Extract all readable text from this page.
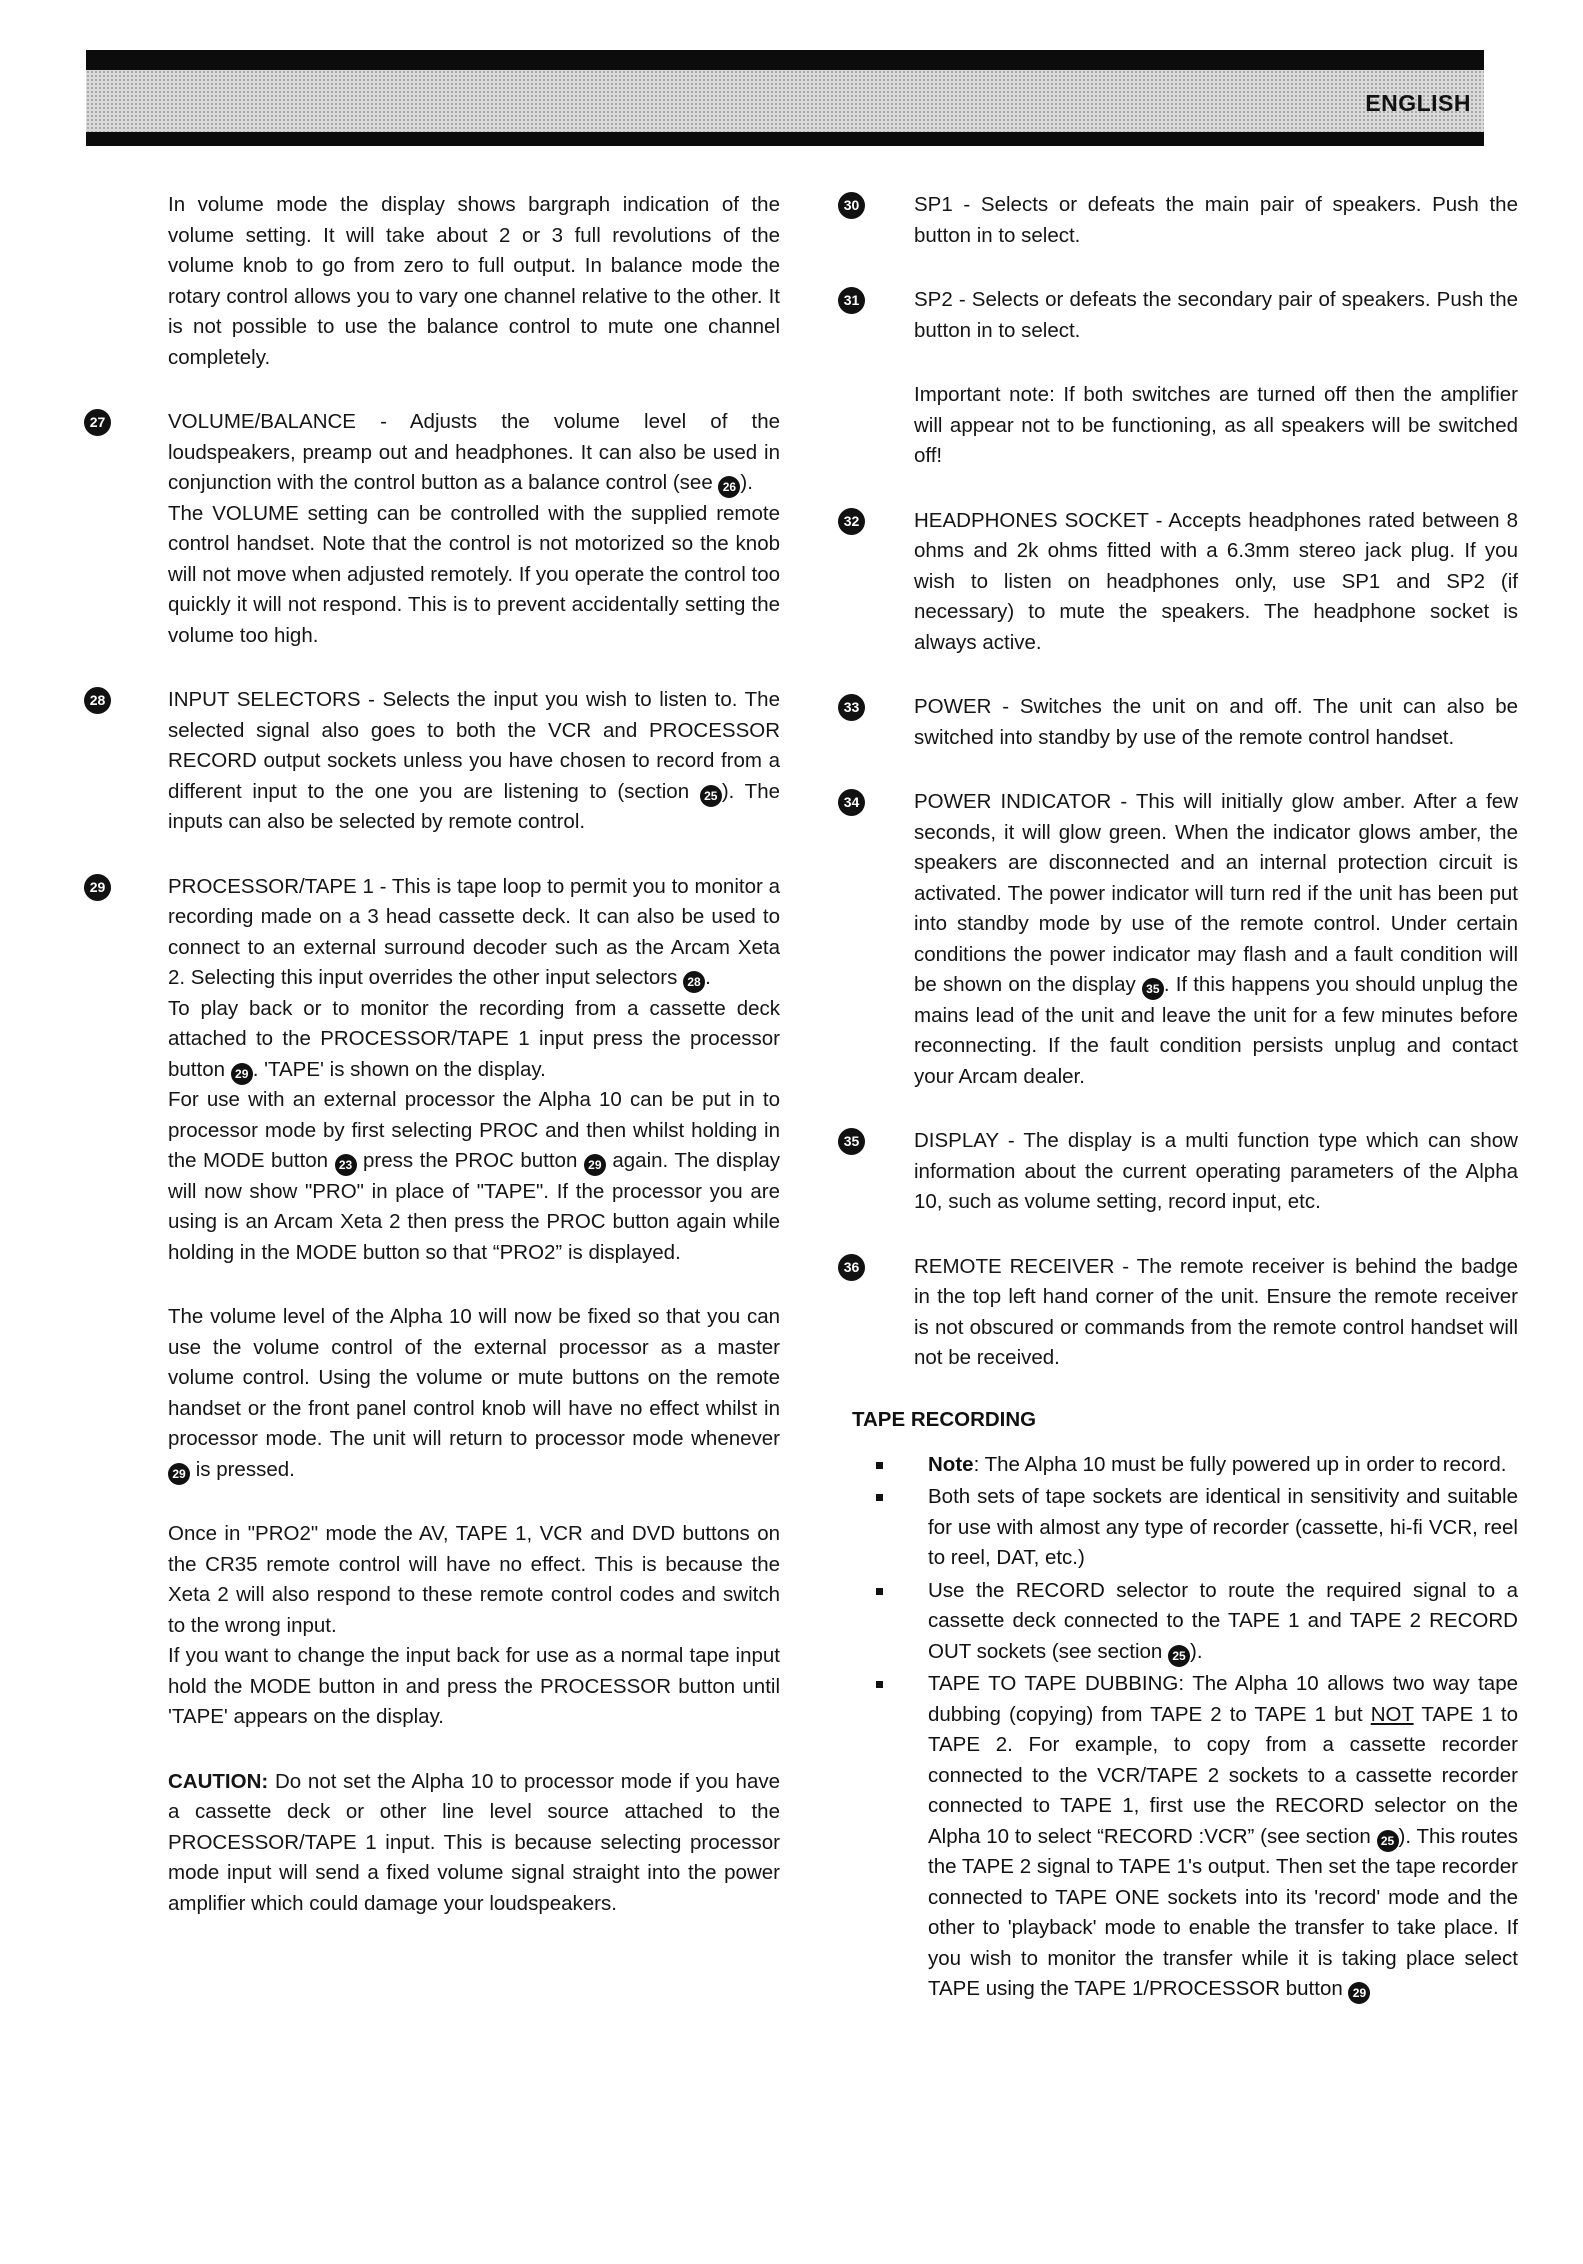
ENGLISH

In volume mode the display shows bargraph indication of the volume setting. It will take about 2 or 3 full revolutions of the volume knob to go from zero to full output. In balance mode the rotary control allows you to vary one channel relative to the other. It is not possible to use the balance control to mute one channel completely.

27	VOLUME/BALANCE - Adjusts the volume level of the loudspeakers, preamp out and headphones. It can also be used in conjunction with the control button as a balance control (see 26 ).

The VOLUME setting can be controlled with the supplied remote control handset. Note that the control is not motorized so the knob will not move when adjusted remotely. If you operate the control too quickly it will not respond. This is to prevent accidentally setting the volume too high.

28	INPUT SELECTORS - Selects the input you wish to listen to. The selected signal also goes to both the VCR and PROCESSOR RECORD output sockets unless you have chosen to record from a different input to the one you are listening to (section 25 ). The inputs can also be selected by remote control.

29	PROCESSOR/TAPE 1 - This is tape loop to permit you to monitor a recording made on a 3 head cassette deck. It can also be used to connect to an external surround decoder such as the Arcam Xeta 2. Selecting this input overrides the other input selectors 28 .

To play back or to monitor the recording from a cassette deck attached to the PROCESSOR/TAPE 1 input press the processor button 29 . 'TAPE' is shown on the display.

For use with an external processor the Alpha 10 can be put in to processor mode by first selecting PROC and then whilst holding in the MODE button 23 press the PROC button 29 again. The display will now show "PRO" in place of "TAPE". If the processor you are using is an Arcam Xeta 2 then press the PROC button again while holding in the MODE button so that “PRO2” is displayed.

The volume level of the Alpha 10 will now be fixed so that you can use the volume control of the external processor as a master volume control. Using the volume or mute buttons on the remote handset or the front panel control knob will have no effect whilst in processor mode. The unit will return to processor mode whenever 29 is pressed.

Once in "PRO2" mode the AV, TAPE 1, VCR and DVD buttons on the CR35 remote control will have no effect. This is because the Xeta 2 will also respond to these remote control codes and switch to the wrong input.

If you want to change the input back for use as a normal tape input hold the MODE button in and press the PROCESSOR button until 'TAPE' appears on the display.

CAUTION: Do not set the Alpha 10 to processor mode if you have a cassette deck or other line level source attached to the PROCESSOR/TAPE 1 input. This is because selecting processor mode input will send a fixed volume signal straight into the power amplifier which could damage your loudspeakers.

30	SP1 - Selects or defeats the main pair of speakers. Push the button in to select.

31	SP2 - Selects or defeats the secondary pair of speakers. Push the button in to select.

Important note: If both switches are turned off then the amplifier will appear not to be functioning, as all speakers will be switched off!

32	HEADPHONES SOCKET - Accepts headphones rated between 8 ohms and 2k ohms fitted with a 6.3mm stereo jack plug. If you wish to listen on headphones only, use SP1 and SP2 (if necessary) to mute the speakers. The headphone socket is always active.

33	POWER - Switches the unit on and off. The unit can also be switched into standby by use of the remote control handset.

34	POWER INDICATOR - This will initially glow amber. After a few seconds, it will glow green. When the indicator glows amber, the speakers are disconnected and an internal protection circuit is activated. The power indicator will turn red if the unit has been put into standby mode by use of the remote control. Under certain conditions the power indicator may flash and a fault condition will be shown on the display 35 . If this happens you should unplug the mains lead of the unit and leave the unit for a few minutes before reconnecting. If the fault condition persists unplug and contact your Arcam dealer.

35	DISPLAY - The display is a multi function type which can show information about the current operating parameters of the Alpha 10, such as volume setting, record input, etc.

36	REMOTE RECEIVER - The remote receiver is behind the badge in the top left hand corner of the unit. Ensure the remote receiver is not obscured or commands from the remote control handset will not be received.

TAPE RECORDING
Note: The Alpha 10 must be fully powered up in order to record.
Both sets of tape sockets are identical in sensitivity and suitable for use with almost any type of recorder (cassette, hi-fi VCR, reel to reel, DAT, etc.)
Use the RECORD selector to route the required signal to a cassette deck connected to the TAPE 1 and TAPE 2 RECORD OUT sockets (see section 25 ).
TAPE TO TAPE DUBBING: The Alpha 10 allows two way tape dubbing (copying) from TAPE 2 to TAPE 1 but NOT TAPE 1 to TAPE 2. For example, to copy from a cassette recorder connected to the VCR/TAPE 2 sockets to a cassette recorder connected to TAPE 1, first use the RECORD selector on the Alpha 10 to select “RECORD :VCR” (see section 25 ). This routes the TAPE 2 signal to TAPE 1's output. Then set the tape recorder connected to TAPE ONE sockets into its 'record' mode and the other to 'playback' mode to enable the transfer to take place. If you wish to monitor the transfer while it is taking place select TAPE using the TAPE 1/PROCESSOR button 29
